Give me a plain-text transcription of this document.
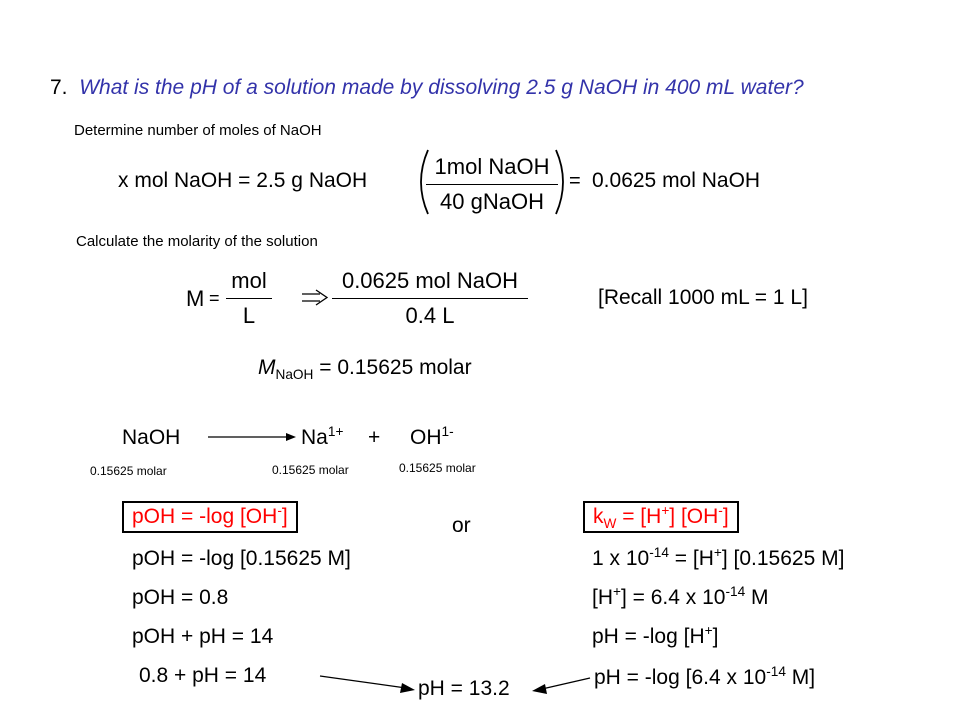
7. What is the pH of a solution made by dissolving 2.5 g NaOH in 400 mL water?
Determine number of moles of NaOH
x mol NaOH = 2.5 g NaOH
1mol NaOH
40 gNaOH
= 0.0625 mol NaOH
Calculate the molarity of the solution
M =
mol
L
0.0625 mol NaOH
0.4 L
[Recall 1000 mL = 1 L]
$M_{NaOH} = 0.15625$ molar
NaOH	$Na^{1+} + OH^{1-}$
0.15625 molar	0.15625 molar	0.15625 molar
pOH = -log [OH-]
pOH = -log [0.15625 M]
pOH = 0.8
pOH + pH = 14
0.8 + pH = 14
or	$k_W = [H^+]$ [OH-]
1 x $10^{-14} = [H^+]$ [0.15625 M]
[H+] = 6.4 x $10^{-14}$ M
pH = -log [H+]
pH = -log [6.4 x $10^{-14}$ M]
pH = 13.2
